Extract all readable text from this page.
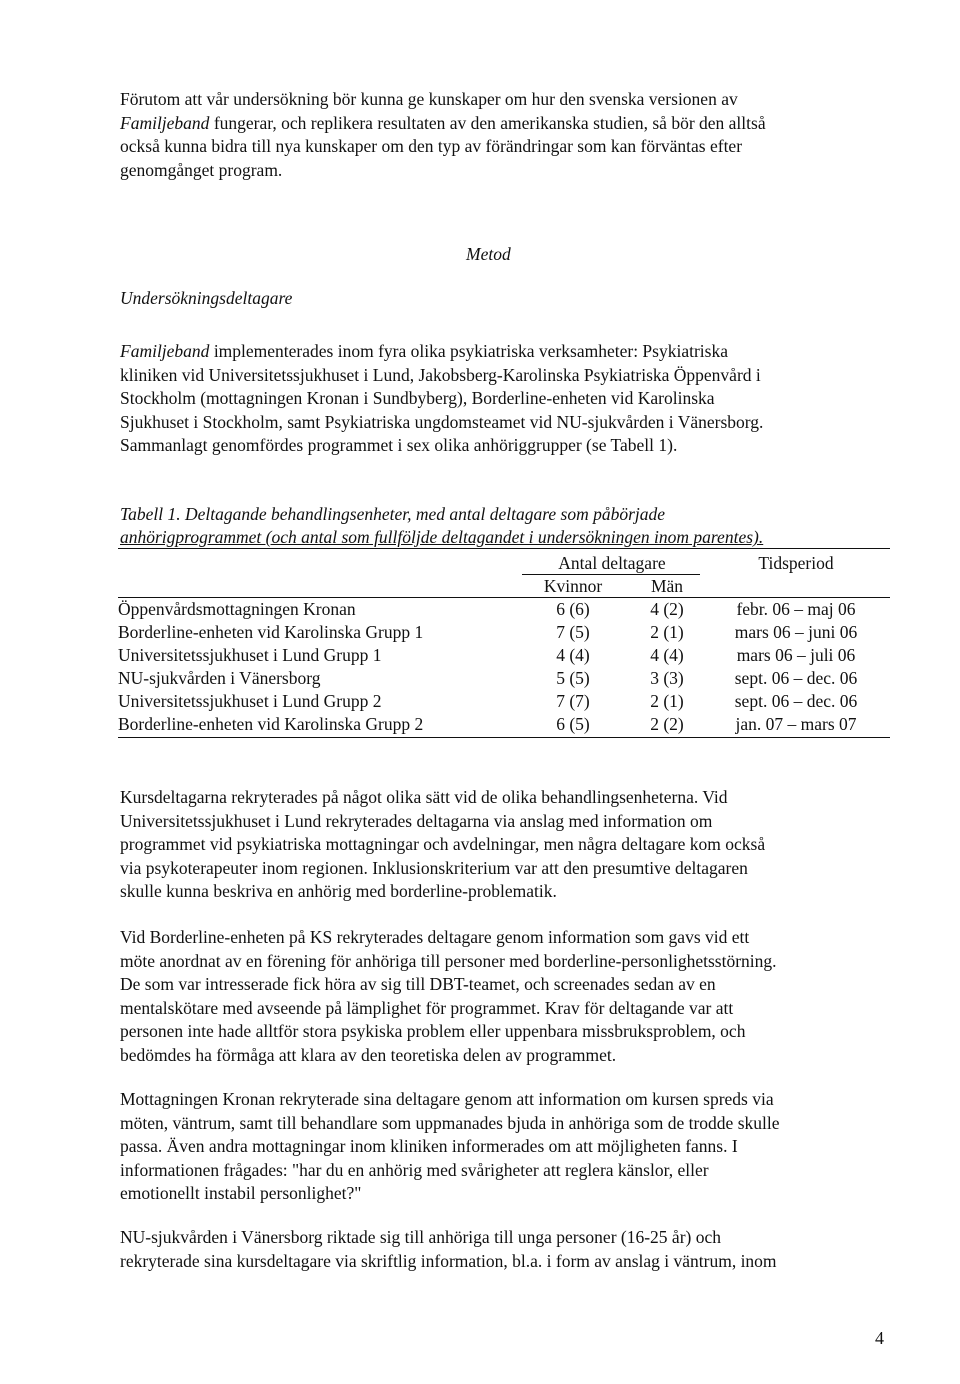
Förutom att vår undersökning bör kunna ge kunskaper om hur den svenska versionen av
Familjeband fungerar, och replikera resultaten av den amerikanska studien, så bör den alltså
också kunna bidra till nya kunskaper om den typ av förändringar som kan förväntas efter
genomgånget program.
Metod
Undersökningsdeltagare
Familjeband implementerades inom fyra olika psykiatriska verksamheter: Psykiatriska
kliniken vid Universitetssjukhuset i Lund, Jakobsberg-Karolinska Psykiatriska Öppenvård i
Stockholm (mottagningen Kronan i Sundbyberg), Borderline-enheten vid Karolinska
Sjukhuset i Stockholm, samt Psykiatriska ungdomsteamet vid NU-sjukvården i Vänersborg.
Sammanlagt genomfördes programmet i sex olika anhöriggrupper (se Tabell 1).
Tabell 1. Deltagande behandlingsenheter, med antal deltagare som påbörjade
anhörigprogrammet (och antal som fullföljde deltagandet i undersökningen inom parentes).
	Antal deltagare		Tidsperiod
	Kvinnor	Män	
Öppenvårdsmottagningen Kronan	6 (6)	4 (2)	febr. 06 – maj 06
Borderline-enheten vid Karolinska Grupp 1	7 (5)	2 (1)	mars 06 – juni 06
Universitetssjukhuset i Lund Grupp 1	4 (4)	4 (4)	mars 06 – juli 06
NU-sjukvården i Vänersborg	5 (5)	3 (3)	sept. 06 – dec. 06
Universitetssjukhuset i Lund Grupp 2	7 (7)	2 (1)	sept. 06 – dec. 06
Borderline-enheten vid Karolinska Grupp 2	6 (5)	2 (2)	jan. 07 – mars 07
Kursdeltagarna rekryterades på något olika sätt vid de olika behandlingsenheterna. Vid
Universitetssjukhuset i Lund rekryterades deltagarna via anslag med information om
programmet vid psykiatriska mottagningar och avdelningar, men några deltagare kom också
via psykoterapeuter inom regionen. Inklusionskriterium var att den presumtive deltagaren
skulle kunna beskriva en anhörig med borderline-problematik.
Vid Borderline-enheten på KS rekryterades deltagare genom information som gavs vid ett
möte anordnat av en förening för anhöriga till personer med borderline-personlighetsstörning.
De som var intresserade fick höra av sig till DBT-teamet, och screenades sedan av en
mentalskötare med avseende på lämplighet för programmet. Krav för deltagande var att
personen inte hade alltför stora psykiska problem eller uppenbara missbruksproblem, och
bedömdes ha förmåga att klara av den teoretiska delen av programmet.
Mottagningen Kronan rekryterade sina deltagare genom att information om kursen spreds via
möten, väntrum, samt till behandlare som uppmanades bjuda in anhöriga som de trodde skulle
passa. Även andra mottagningar inom kliniken informerades om att möjligheten fanns. I
informationen frågades: "har du en anhörig med svårigheter att reglera känslor, eller
emotionellt instabil personlighet?"
NU-sjukvården i Vänersborg riktade sig till anhöriga till unga personer (16-25 år) och
rekryterade sina kursdeltagare via skriftlig information, bl.a. i form av anslag i väntrum, inom
4
